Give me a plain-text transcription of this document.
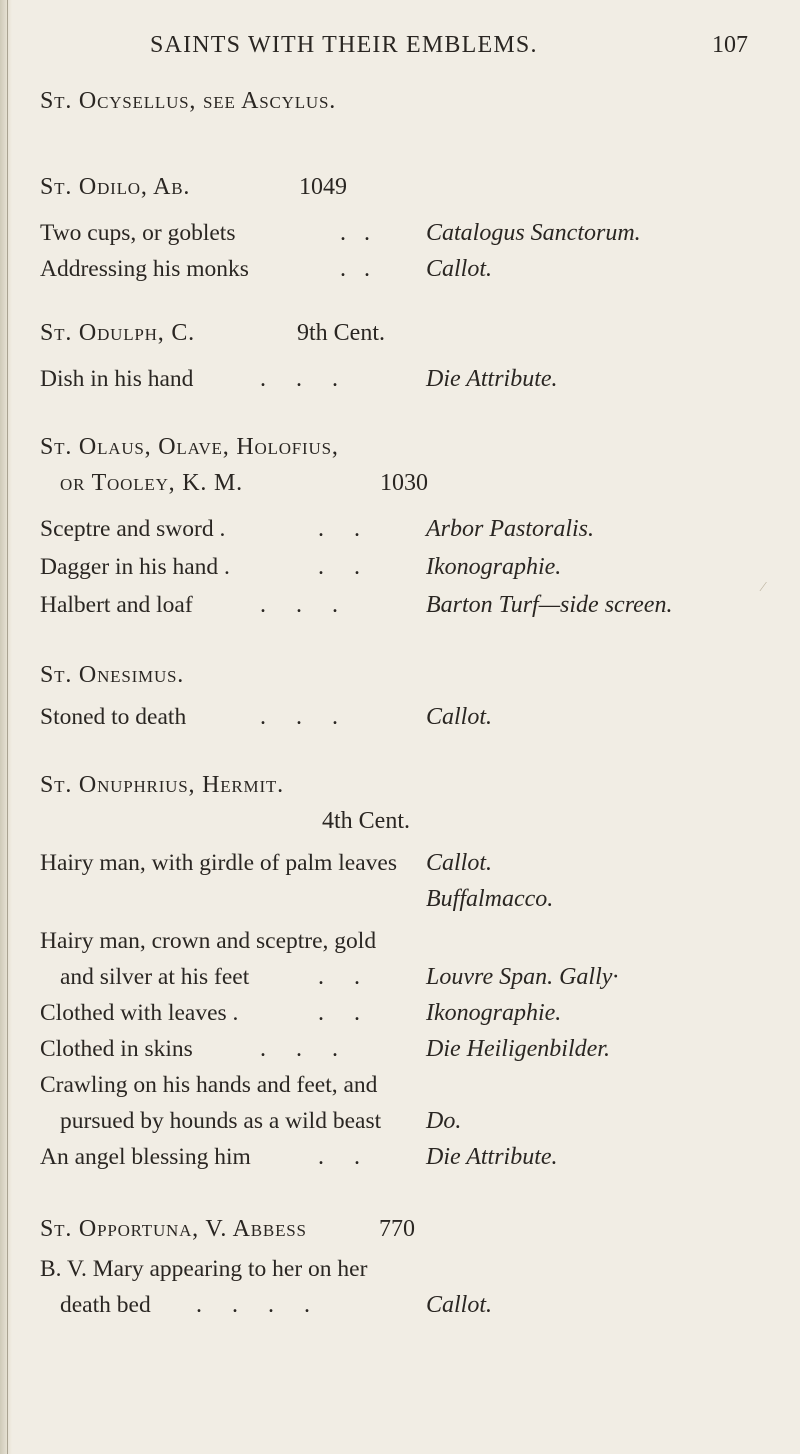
SAINTS WITH THEIR EMBLEMS.	107
St. Ocysellus, see Ascylus.
St. Odilo, Ab.	1049
Two cups, or goblets	.   . Catalogus Sanctorum.
Addressing his monks	.   . Callot.
St. Odulph, C.	9th Cent.
Dish in his hand	.     .     .	Die Attribute.
St. Olaus, Olave, Holofius,
or Tooley, K. M.	1030
Sceptre and sword .	.     .	Arbor Pastoralis.
Dagger in his hand .	.     .	Ikonographie.
Halbert and loaf	.     .     .	Barton Turf—side screen.
St. Onesimus.
Stoned to death	.     .     .	Callot.
St. Onuphrius, Hermit.
4th Cent.
Hairy man, with girdle of palm leaves Callot.
Buffalmacco.
Hairy man, crown and sceptre, gold
and silver at his feet	.     .	Louvre Span. Gally·
Clothed with leaves .	.     .	Ikonographie.
Clothed in skins	.     .     .	Die Heiligenbilder.
Crawling on his hands and feet, and
pursued by hounds as a wild beast Do.
An angel blessing him	.     .	Die Attribute.
St. Opportuna, V. Abbess	770
B. V. Mary appearing to her on her
death bed .     .     .     .	Callot.
⁄
